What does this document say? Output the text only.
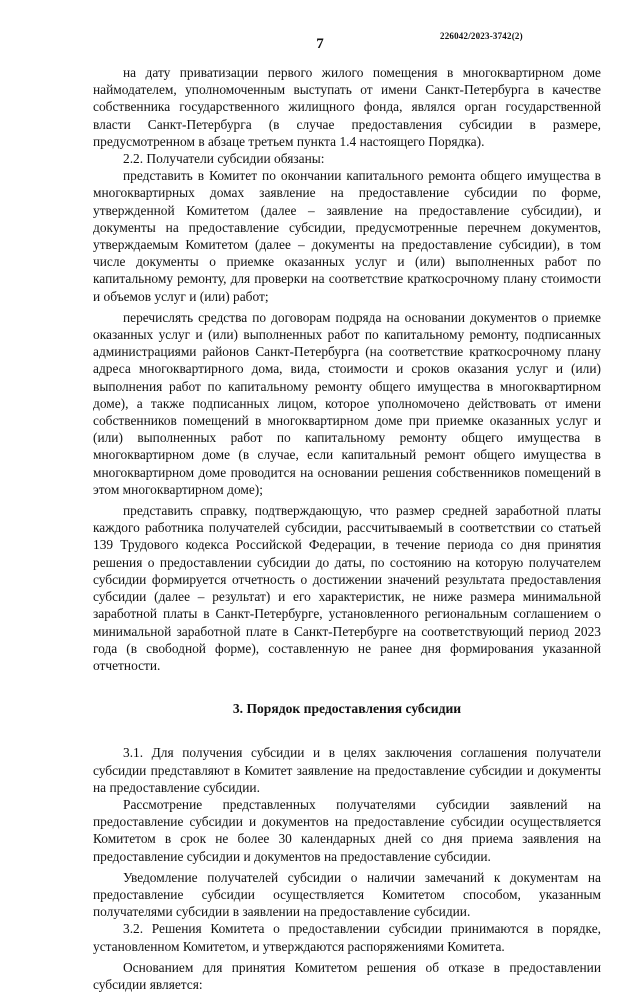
7	226042/2023-3742(2)

на дату приватизации первого жилого помещения в многоквартирном доме наймодателем, уполномоченным выступать от имени Санкт-Петербурга в качестве собственника государственного жилищного фонда, являлся орган государственной власти Санкт-Петербурга (в случае предоставления субсидии в размере, предусмотренном в абзаце третьем пункта 1.4 настоящего Порядка).

2.2. Получатели субсидии обязаны:

представить в Комитет по окончании капитального ремонта общего имущества в многоквартирных домах заявление на предоставление субсидии по форме, утвержденной Комитетом (далее – заявление на предоставление субсидии), и документы на предоставление субсидии, предусмотренные перечнем документов, утверждаемым Комитетом (далее – документы на предоставление субсидии), в том числе документы о приемке оказанных услуг и (или) выполненных работ по капитальному ремонту, для проверки на соответствие краткосрочному плану стоимости и объемов услуг и (или) работ;

перечислять средства по договорам подряда на основании документов о приемке оказанных услуг и (или) выполненных работ по капитальному ремонту, подписанных администрациями районов Санкт-Петербурга (на соответствие краткосрочному плану адреса многоквартирного дома, вида, стоимости и сроков оказания услуг и (или) выполнения работ по капитальному ремонту общего имущества в многоквартирном доме), а также подписанных лицом, которое уполномочено действовать от имени собственников помещений в многоквартирном доме при приемке оказанных услуг и (или) выполненных работ по капитальному ремонту общего имущества в многоквартирном доме (в случае, если капитальный ремонт общего имущества в многоквартирном доме проводится на основании решения собственников помещений в этом многоквартирном доме);

представить справку, подтверждающую, что размер средней заработной платы каждого работника получателей субсидии, рассчитываемый в соответствии со статьей 139 Трудового кодекса Российской Федерации, в течение периода со дня принятия решения о предоставлении субсидии до даты, по состоянию на которую получателем субсидии формируется отчетность о достижении значений результата предоставления субсидии (далее – результат) и его характеристик, не ниже размера минимальной заработной платы в Санкт-Петербурге, установленного региональным соглашением о минимальной заработной плате в Санкт-Петербурге на соответствующий период 2023 года (в свободной форме), составленную не ранее дня формирования указанной отчетности.

3. Порядок предоставления субсидии

3.1. Для получения субсидии и в целях заключения соглашения получатели субсидии представляют в Комитет заявление на предоставление субсидии и документы на предоставление субсидии.

Рассмотрение представленных получателями субсидии заявлений на предоставление субсидии и документов на предоставление субсидии осуществляется Комитетом в срок не более 30 календарных дней со дня приема заявления на предоставление субсидии и документов на предоставление субсидии.

Уведомление получателей субсидии о наличии замечаний к документам на предоставление субсидии осуществляется Комитетом способом, указанным получателями субсидии в заявлении на предоставление субсидии.

3.2. Решения Комитета о предоставлении субсидии принимаются в порядке, установленном Комитетом, и утверждаются распоряжениями Комитета.

Основанием для принятия Комитетом решения об отказе в предоставлении субсидии является:
